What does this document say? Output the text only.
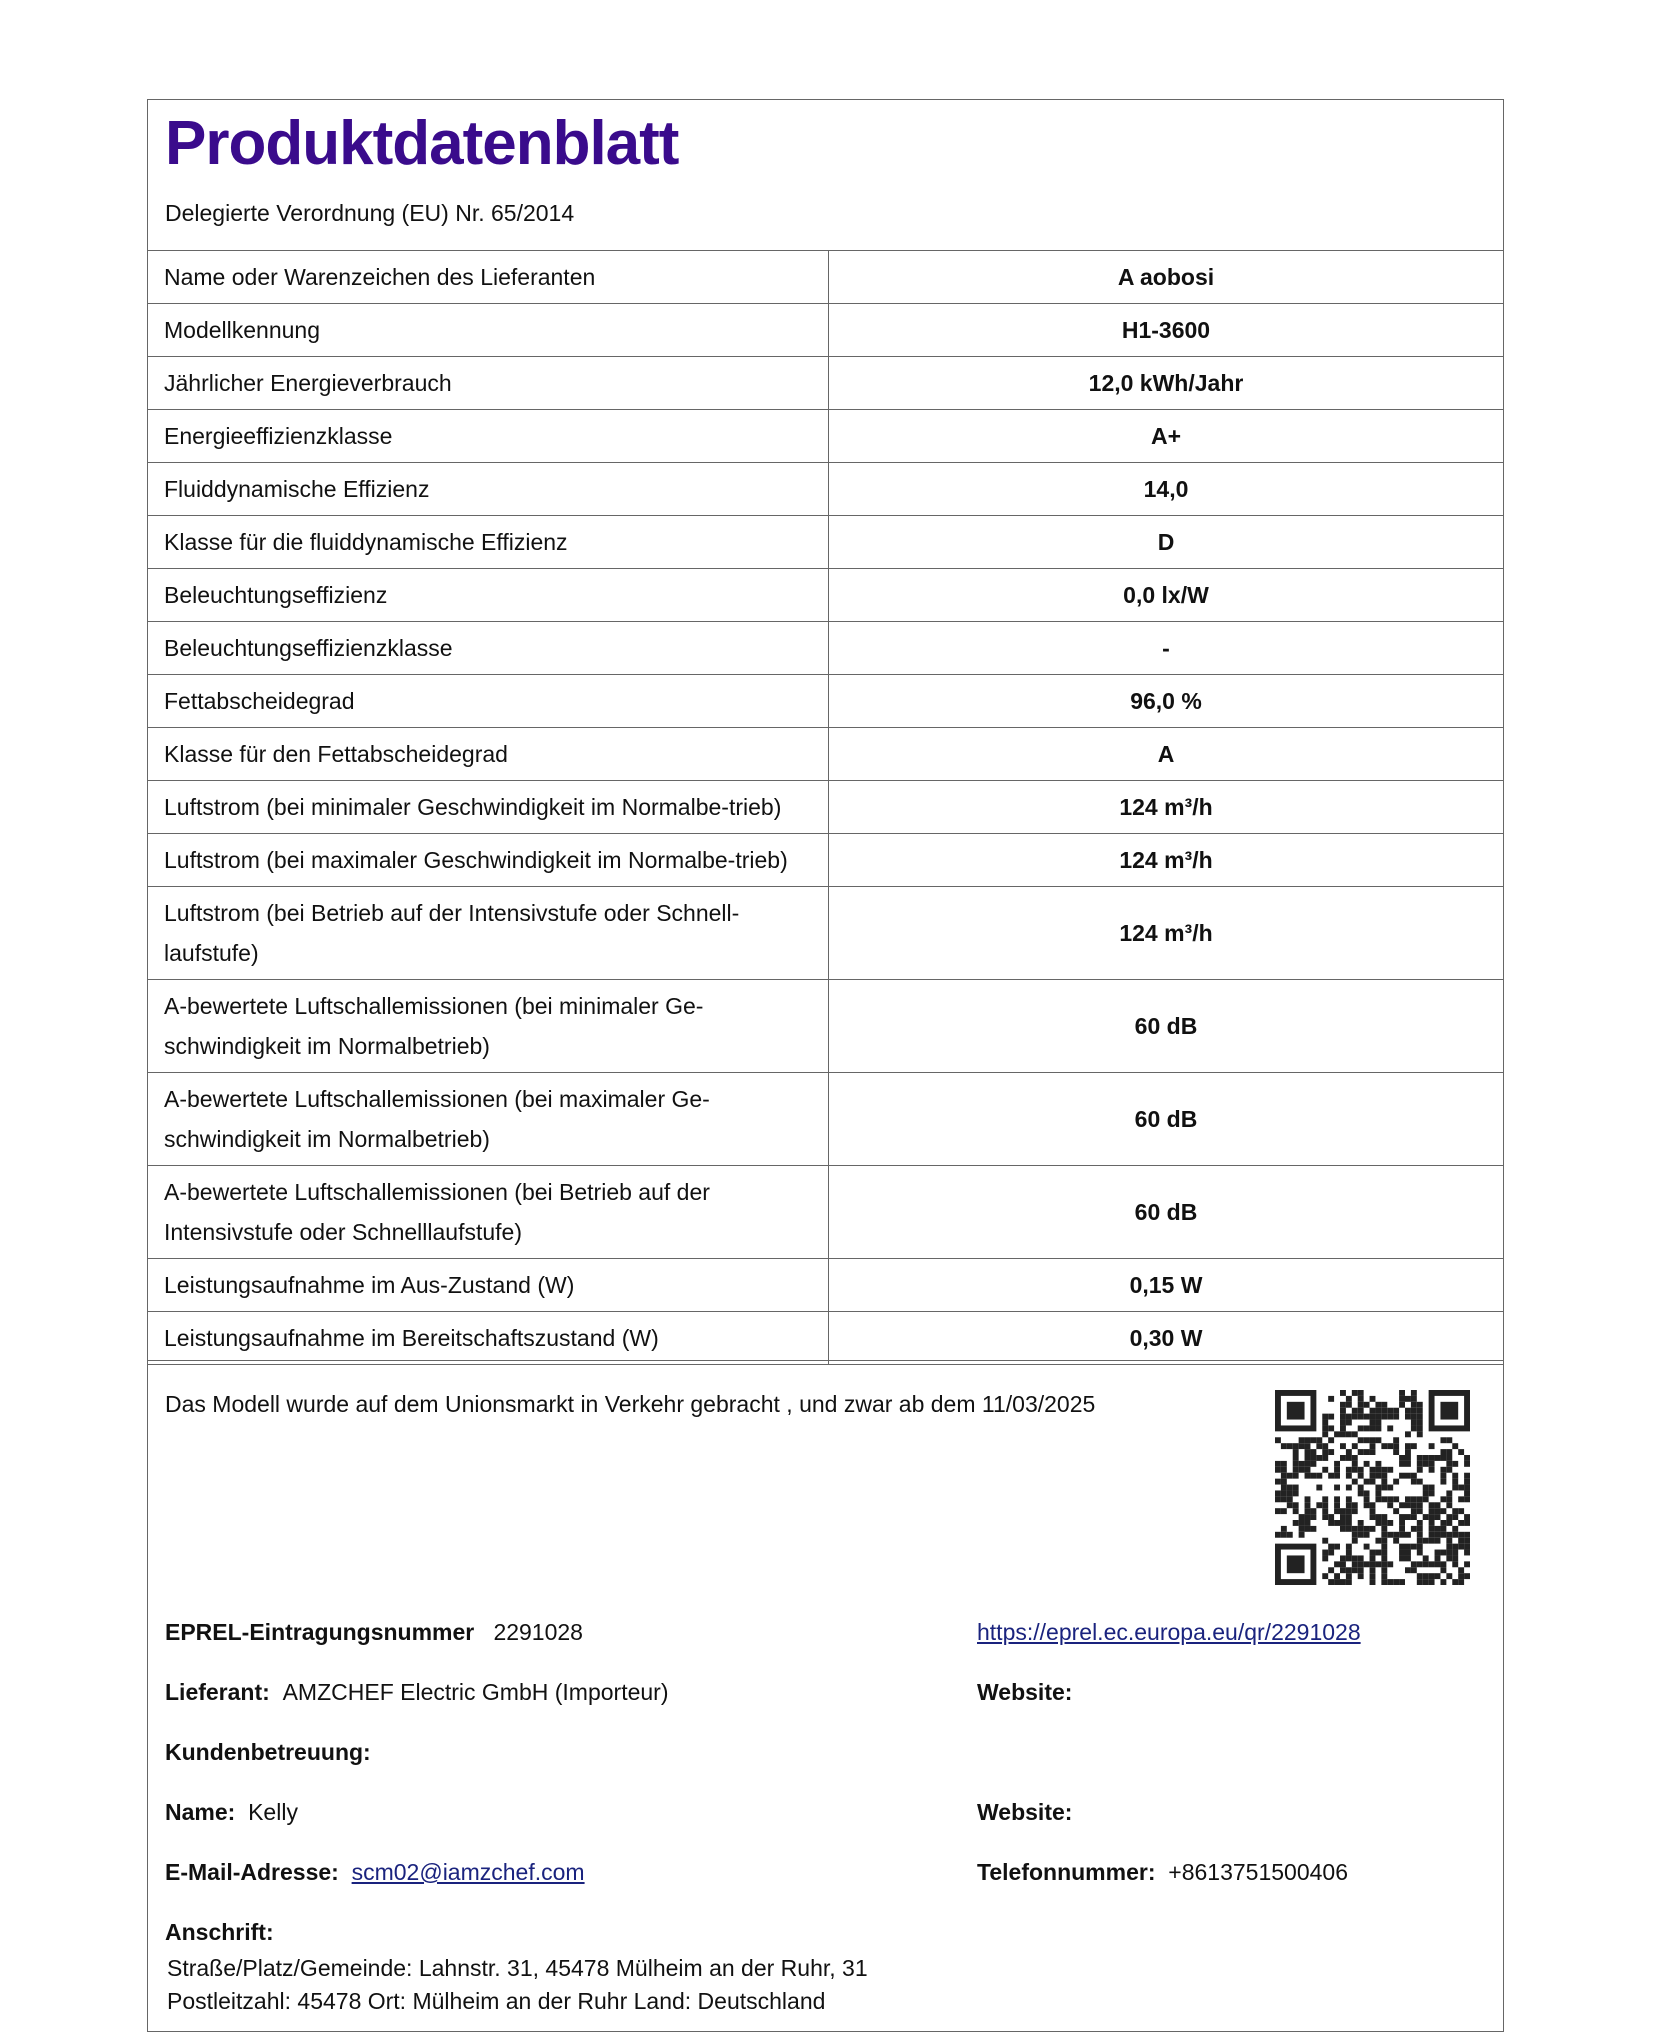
Produktdatenblatt
Delegierte Verordnung (EU) Nr. 65/2014
Name oder Warenzeichen des Lieferanten	A aobosi
Modellkennung	H1-3600
Jährlicher Energieverbrauch	12,0 kWh/Jahr
Energieeffizienzklasse	A+
Fluiddynamische Effizienz	14,0
Klasse für die fluiddynamische Effizienz	D
Beleuchtungseffizienz	0,0 lx/W
Beleuchtungseffizienzklasse	-
Fettabscheidegrad	96,0 %
Klasse für den Fettabscheidegrad	A
Luftstrom (bei minimaler Geschwindigkeit im Normalbe-trieb)	124 m³/h
Luftstrom (bei maximaler Geschwindigkeit im Normalbe-trieb)	124 m³/h
Luftstrom (bei Betrieb auf der Intensivstufe oder Schnell-laufstufe)	124 m³/h
A-bewertete Luftschallemissionen (bei minimaler Ge-schwindigkeit im Normalbetrieb)	60 dB
A-bewertete Luftschallemissionen (bei maximaler Ge-schwindigkeit im Normalbetrieb)	60 dB
A-bewertete Luftschallemissionen (bei Betrieb auf der Intensivstufe oder Schnelllaufstufe)	60 dB
Leistungsaufnahme im Aus-Zustand (W)	0,15 W
Leistungsaufnahme im Bereitschaftszustand (W)	0,30 W
Das Modell wurde auf dem Unionsmarkt in Verkehr gebracht , und zwar ab dem 11/03/2025
EPREL-Eintragungsnummer 2291028	https://eprel.ec.europa.eu/qr/2291028
Lieferant: AMZCHEF Electric GmbH (Importeur)	Website:
Kundenbetreuung:
Name: Kelly	Website:
E-Mail-Adresse: scm02@iamzchef.com	Telefonnummer: +8613751500406
Anschrift:
Straße/Platz/Gemeinde: Lahnstr. 31, 45478 Mülheim an der Ruhr, 31
Postleitzahl: 45478 Ort: Mülheim an der Ruhr Land: Deutschland
